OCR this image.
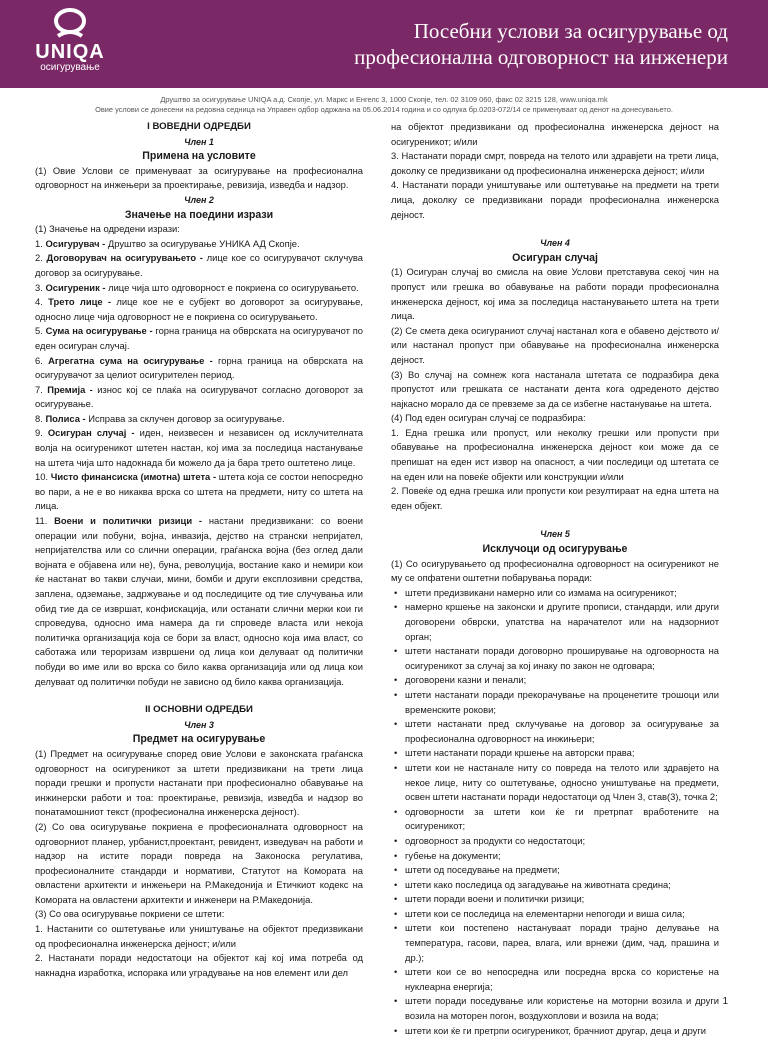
UNIQA
осигурување
Посебни услови за осигурување од
професионална одговорност на инженери
Друштво за осигурување UNIQA а.д. Скопје, ул. Маркс и Енгелс 3, 1000 Скопје, тел. 02 3109 060, факс 02 3215 128, www.uniqa.mk
Овие услови се донесени на редовна седница на Управен одбор одржана на 05.06.2014 година и со одлука бр.0203-072/14 се применуваат од денот на донесувањето.

I ВОВЕДНИ ОДРЕДБИ

Член 1

Примена на условите

(1) Овие Услови се применуваат за осигурување на професионална одговорност на инжењери за проектирање, ревизија, изведба и надзор.

Член 2

Значење на поедини изрази

(1) Значење на одредени изрази:

1. Осигурувач - Друштво за осигурување УНИКА АД Скопје.

2. Договорувач на осигурувањето - лице кое со осигурувачот склучува договор за осигурување.

3. Осигуреник - лице чија што одговорност е покриена со осигурувањето.

4. Трето лице - лице кое не е субјект во договорот за осигурување, односно лице чија одговорност не е покриена со осигурувањето.

5. Сума на осигурување - горна граница на обврската на осигурувачот по еден осигуран случај.

6. Агрегатна сума на осигурување - горна граница на обврската на осигурувачот за целиот осигурителен период.

7. Премија - износ кој се плаќа на осигурувачот согласно договорот за осигурување.

8. Полиса - Исправа за склучен договор за осигурување.

9. Осигуран случај - иден, неизвесен и независен од исклучителната волја на осигуреникот штетен настан, кој има за последица настанување на штета чија што надокнада би можело да ја бара трето оштетено лице.

10. Чисто финансиска (имотна) штета - штета која се состои непосредно во пари, а не е во никаква врска со штета на предмети, ниту со штета на лица.

11. Воени и политички ризици - настани предизвикани: со воени операции или побуни, војна, инвазија, дејство на странски непријател, непријателства или со слични операции, граѓанска војна (без оглед дали војната е објавена или не), буна, револуција, востание како и немири кои ќе настанат во такви случаи, мини, бомби и други експлозивни средства, заплена, одземање, задржување и од последиците од тие случувања или обид тие да се извршат, конфискација, или останати слични мерки кои ги спроведува, односно има намера да ги спроведе власта или некоја политичка организација која се бори за власт, односно која има власт, со саботажа или тероризам извршени од лица кои делуваат од политички побуди во име или во врска со било каква организација или од лица кои делуваат од политички побуди не зависно од било каква организација.

II ОСНОВНИ ОДРЕДБИ

Член 3

Предмет на осигурување

(1) Предмет на осигурување според овие Услови е законската граѓанска одговорност на осигуреникот за штети предизвикани на трети лица поради грешки и пропусти настанати при професионално обавување на инжинерски работи и тоа: проектирање, ревизија, изведба и надзор во понатамошниот текст (професионална инженерска дејност).

(2) Со ова осигурување покриена е професионалната одговорност на одговорниот планер, урбанист,проектант, ревидент, изведувач на работи и надзор на истите поради повреда на Законоска регулатива, професионалните стандарди и нормативи, Статутот на Комората на овластени архитекти и инжењери на Р.Македонија и Етичкиот кодекс на Комората на овластени архитекти и инженери на Р.Македонија.

(3) Со ова осигурување покриени се штети:

1. Настанити со оштетување или уништување на објектот предизвикани од професионална инженерска дејност; и/или

2. Настанати поради недостатоци на објектот кај кој има потреба од накнадна изработка, испорака или уградување на нов елемент или дел

на објектот предизвикани од професионална инженерска дејност на осигуреникот; и/или

3. Настанати поради смрт, повреда на телото или здравјети на трети лица, доколку се предизвикани од професионална инженерска дејност; и/или

4. Настанати поради уништување или оштетување на предмети на трети лица, доколку се предизвикани поради професионална инженерска дејност.

Член 4

Осигуран случај

(1) Осигуран случај во смисла на овие Услови претставува секој чин на пропуст или грешка во обавување на работи поради професионална инженерска дејност, кој има за последица настанувањето штета на трети лица.

(2) Се смета дека осигураниот случај настанал кога е обавено дејството и/или настанал пропуст при обавување на професионална инженерска дејност.

(3) Во случај на сомнеж кога настанала штетата се подразбира дека пропустот или грешката се настанати дента кога одреденото дејство најкасно морало да се превземе за да се избегне настанување на штета.

(4) Под еден осигуран случај се подразбира:

1. Една грешка или пропуст, или неколку грешки или пропусти при обавување на професионална инженерска дејност кои може да се препишат на еден ист извор на опасност, а чии последици од штетата се на еден или на повеќе објекти или конструкции и/или

2. Повеќе од една грешка или пропусти кои резултираат на една штета на еден објект.

Член 5

Исклучоци од осигурување

(1) Со осигурувањето од професионална одговорност на осигуреникот не му се опфатени оштетни побарувања поради:

• штети предизвикани намерно или со измама на осигуреникот;

• намерно кршење на законски и другите прописи, стандарди, или други договорени обврски, упатства на нарачателот или на надзорниот орган;

• штети настанати поради договорно проширување на одговорноста на осигуреникот за случај за кој инаку по закон не одговара;

• договорени казни и пенали;

• штети настанати поради прекорачување на проценетите трошоци или временските рокови;

• штети настанати пред склучување на договор за осигурување за професионална одговорност на инжињери;

• штети настанати поради кршење на авторски права;

• штети кои не настанале ниту со повреда на телото или здравјето на некое лице, ниту со оштетување, односно уништување на предмети, освен штети настанати поради недостатоци од Член 3, став(3), точка 2;

• одговорности за штети кои ќе ги претрпат вработените на осигуреникот;

• одговорност за продукти со недостатоци;

• губење на документи;

• штети од поседување на предмети;

• штети како последица од загадување на животната средина;

• штети поради воени и политички ризици;

• штети кои се последица на елементарни непогоди и виша сила;

• штети кои постепено настануваат поради трајно делување на температура, гасови, пареа, влага, или врнежи (дим, чад, прашина и др.);

• штети кои се во непосредна или посредна врска со користење на нуклеарна енергија;

• штети поради поседување или користење на моторни возила и други возила на моторен погон, воздухоплови и возила на вода;

• штети кои ќе ги претрпи осигуреникот, брачниот другар, деца и други

1
